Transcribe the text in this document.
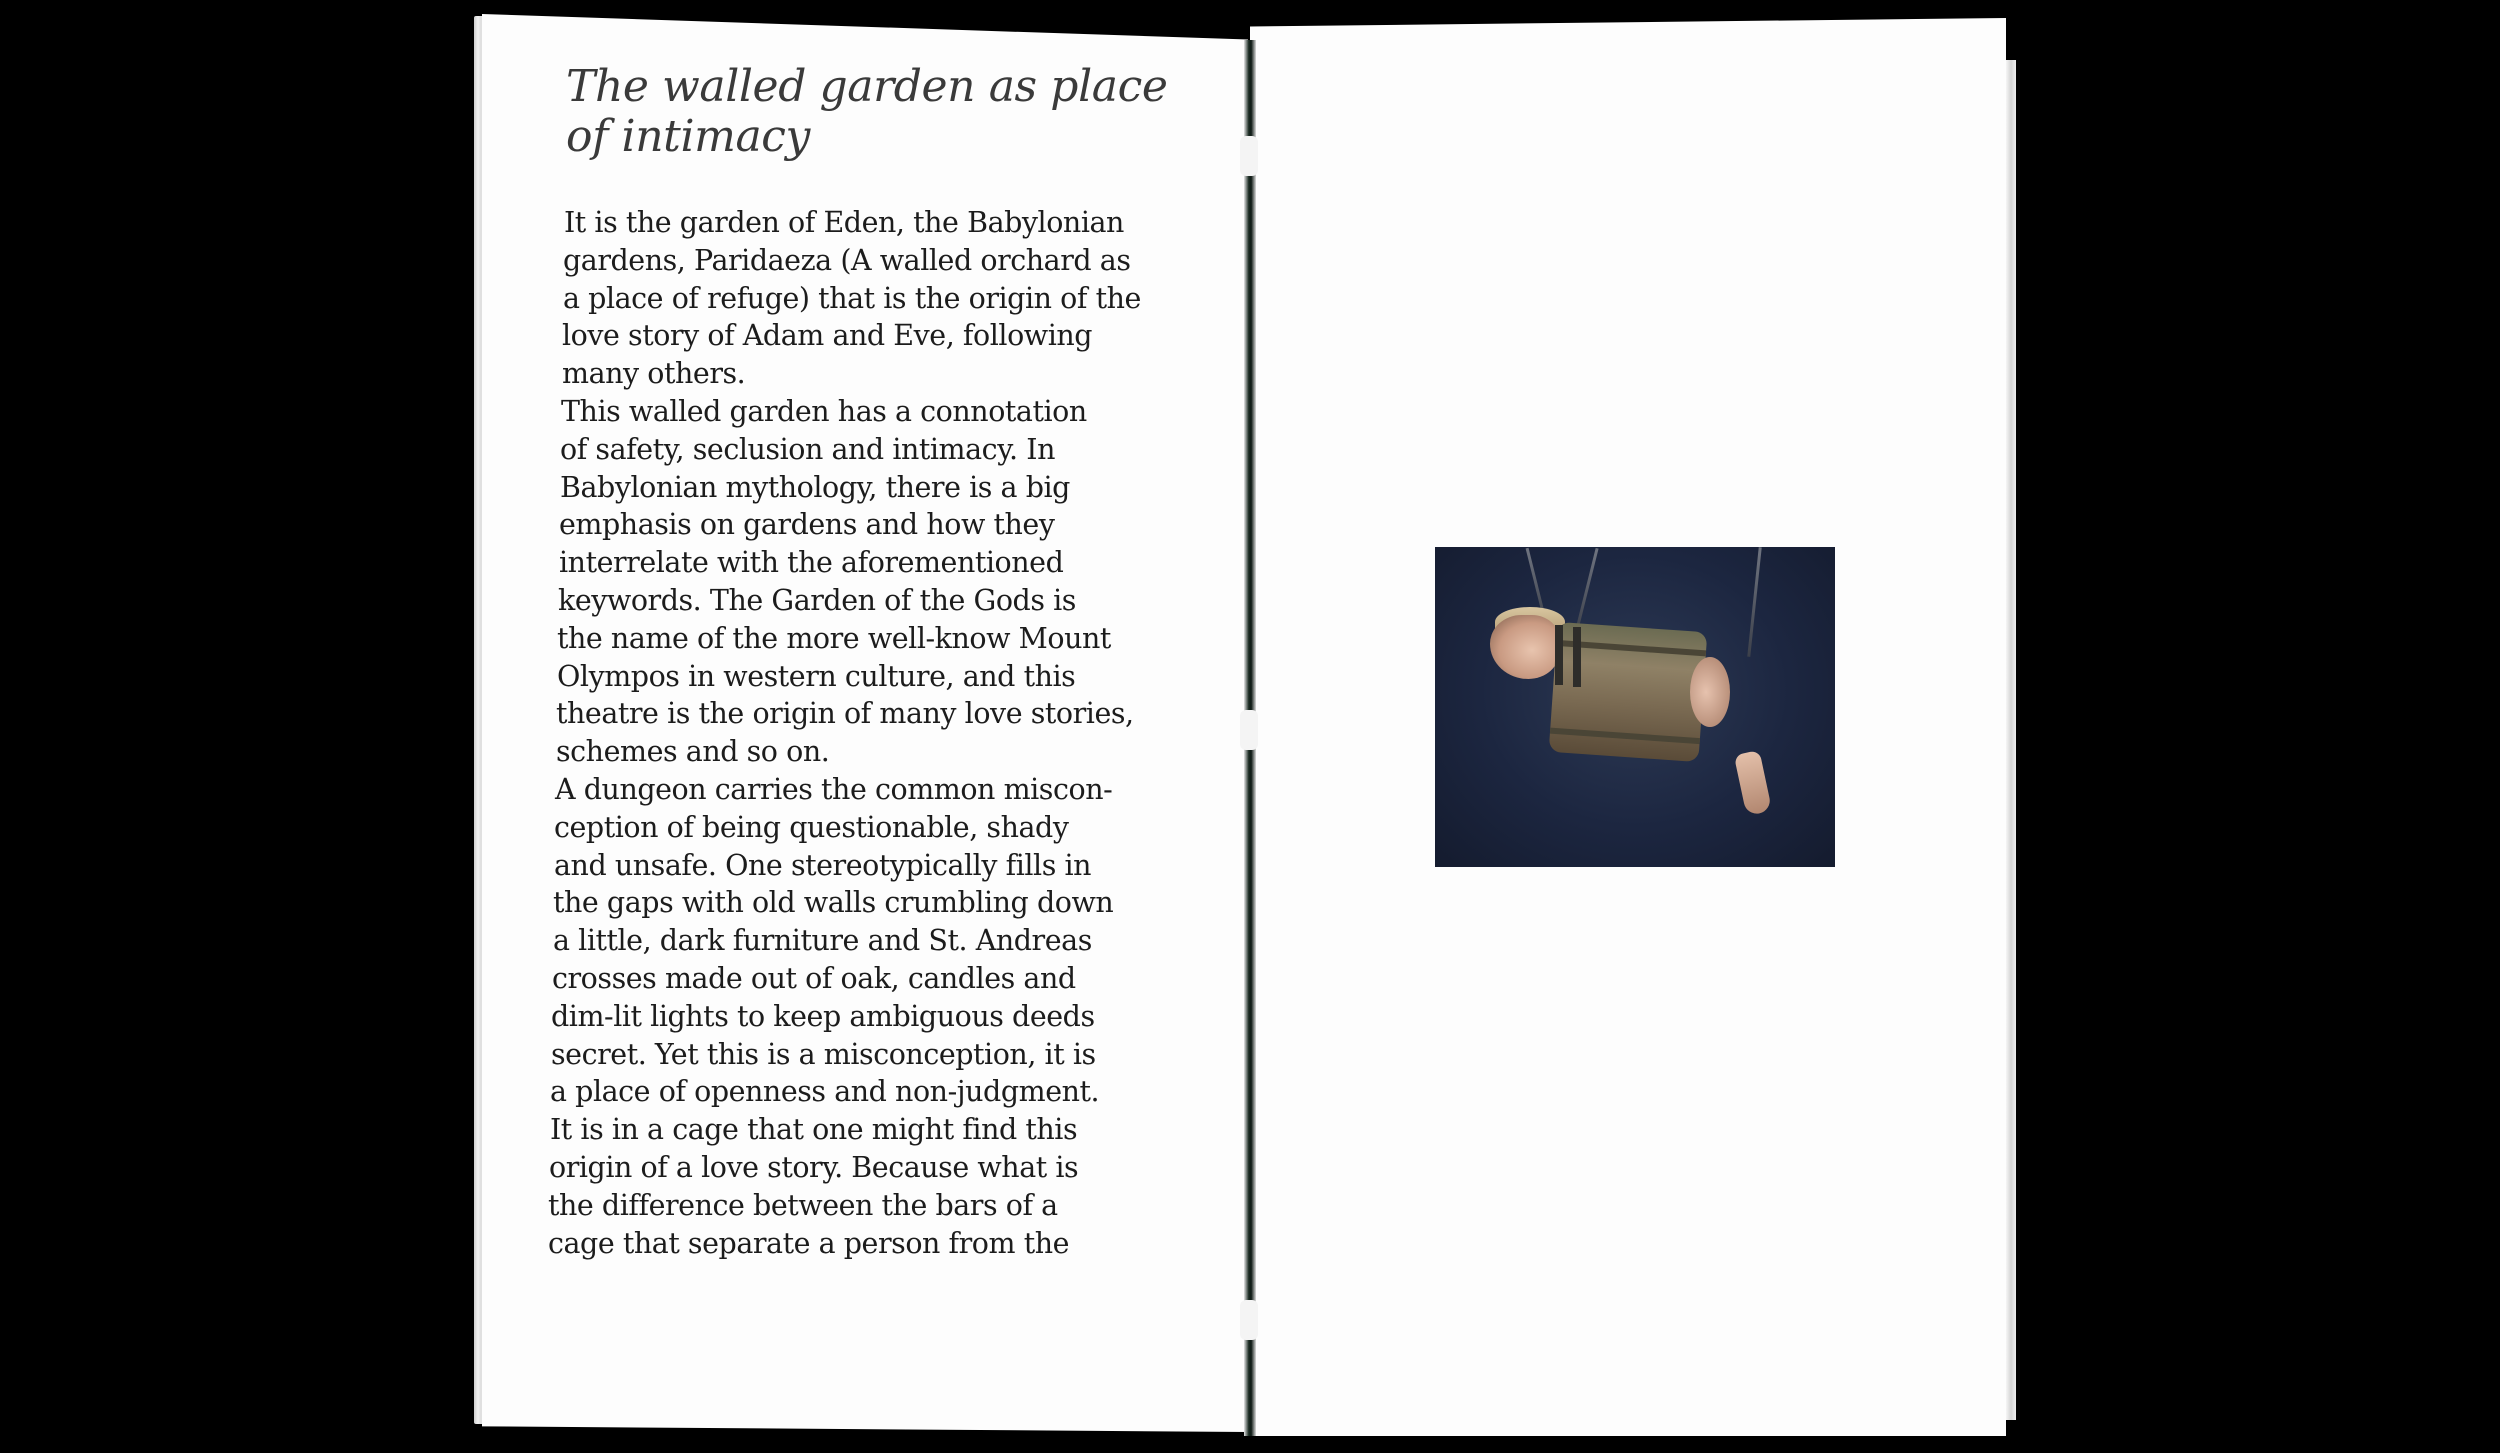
The walled garden as place
of intimacy
It is the garden of Eden, the Babylonian
gardens, Paridaeza (A walled orchard as
a place of refuge) that is the origin of the
love story of Adam and Eve, following
many others.
This walled garden has a connotation
of safety, seclusion and intimacy. In
Babylonian mythology, there is a big
emphasis on gardens and how they
interrelate with the aforementioned
keywords. The Garden of the Gods is
the name of the more well-know Mount
Olympos in western culture, and this
theatre is the origin of many love stories,
schemes and so on.
A dungeon carries the common miscon-
ception of being questionable, shady
and unsafe. One stereotypically fills in
the gaps with old walls crumbling down
a little, dark furniture and St. Andreas
crosses made out of oak, candles and
dim-lit lights to keep ambiguous deeds
secret. Yet this is a misconception, it is
a place of openness and non-judgment.
It is in a cage that one might find this
origin of a love story. Because what is
the difference between the bars of a
cage that separate a person from the
